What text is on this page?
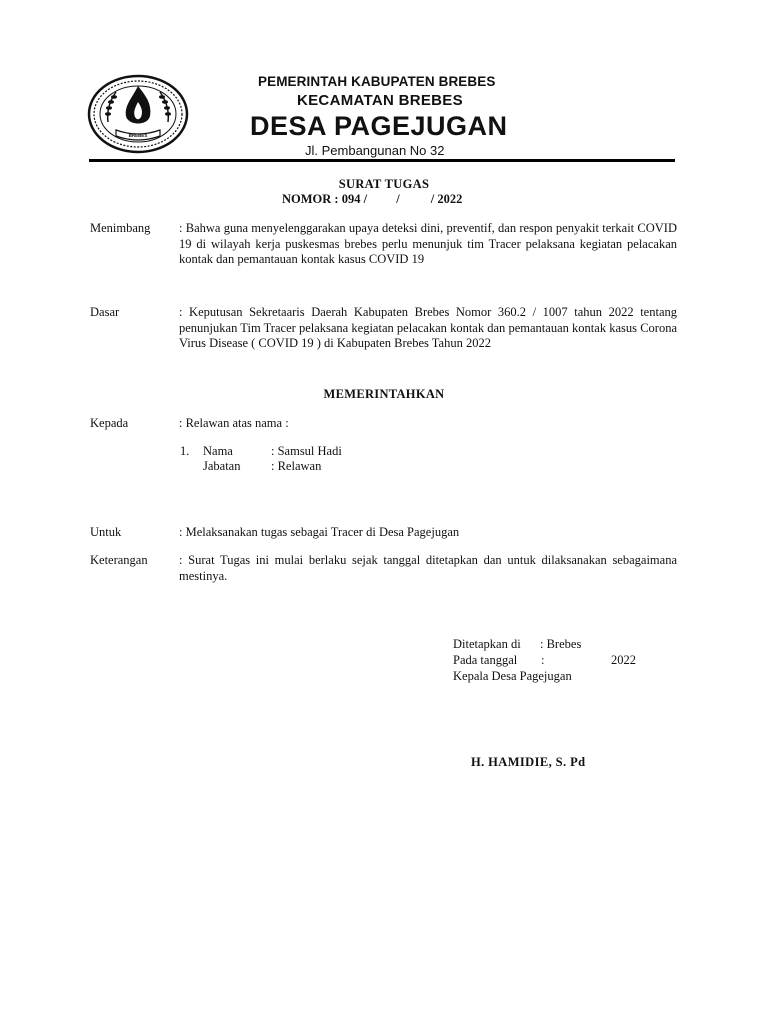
BREBES
PEMERINTAH KABUPATEN BREBES
KECAMATAN BREBES
DESA PAGEJUGAN
Jl. Pembangunan No 32
SURAT TUGAS
NOMOR : 094 / / / 2022
Menimbang : Bahwa guna menyelenggarakan upaya deteksi dini, preventif, dan respon penyakit terkait COVID 19 di wilayah kerja puskesmas brebes perlu menunjuk tim Tracer pelaksana kegiatan pelacakan kontak dan pemantauan kontak kasus COVID 19
Dasar	: Keputusan Sekretaaris Daerah Kabupaten Brebes Nomor 360.2 / 1007 tahun 2022 tentang penunjukan Tim Tracer pelaksana kegiatan pelacakan kontak dan pemantauan kontak kasus Corona Virus Disease ( COVID 19 ) di Kabupaten Brebes Tahun 2022
MEMERINTAHKAN
Kepada	: Relawan atas nama :
1. Nama	: Samsul Hadi
Jabatan : Relawan
Untuk	: Melaksanakan tugas sebagai Tracer di Desa Pagejugan
Keterangan	: Surat Tugas ini mulai berlaku sejak tanggal ditetapkan dan untuk dilaksanakan sebagaimana mestinya.
Ditetapkan di : Brebes
Pada tanggal :	2022
Kepala Desa Pagejugan
H. HAMIDIE, S. Pd
